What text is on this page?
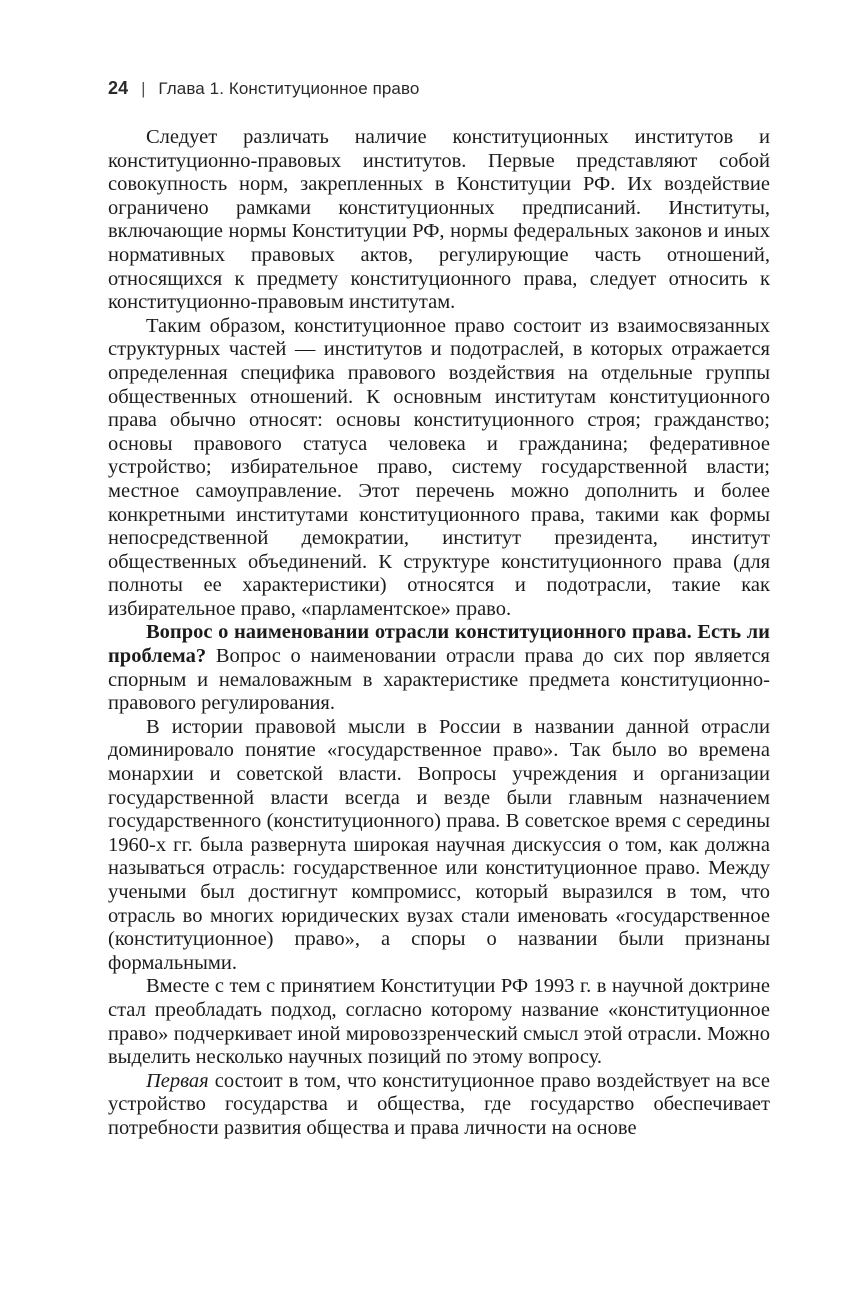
24 | Глава 1. Конституционное право

Следует различать наличие конституционных институтов и конституционно-правовых институтов. Первые представляют собой совокупность норм, закрепленных в Конституции РФ. Их воздействие ограничено рамками конституционных предписаний. Институты, включающие нормы Конституции РФ, нормы федеральных законов и иных нормативных правовых актов, регулирующие часть отношений, относящихся к предмету конституционного права, следует относить к конституционно-правовым институтам.

Таким образом, конституционное право состоит из взаимосвязанных структурных частей — институтов и подотраслей, в которых отражается определенная специфика правового воздействия на отдельные группы общественных отношений. К основным институтам конституционного права обычно относят: основы конституционного строя; гражданство; основы правового статуса человека и гражданина; федеративное устройство; избирательное право, систему государственной власти; местное самоуправление. Этот перечень можно дополнить и более конкретными институтами конституционного права, такими как формы непосредственной демократии, институт президента, институт общественных объединений. К структуре конституционного права (для полноты ее характеристики) относятся и подотрасли, такие как избирательное право, «парламентское» право.

Вопрос о наименовании отрасли конституционного права. Есть ли проблема? Вопрос о наименовании отрасли права до сих пор является спорным и немаловажным в характеристике предмета конституционно-правового регулирования.

В истории правовой мысли в России в названии данной отрасли доминировало понятие «государственное право». Так было во времена монархии и советской власти. Вопросы учреждения и организации государственной власти всегда и везде были главным назначением государственного (конституционного) права. В советское время с середины 1960-х гг. была развернута широкая научная дискуссия о том, как должна называться отрасль: государственное или конституционное право. Между учеными был достигнут компромисс, который выразился в том, что отрасль во многих юридических вузах стали именовать «государственное (конституционное) право», а споры о названии были признаны формальными.

Вместе с тем с принятием Конституции РФ 1993 г. в научной доктрине стал преобладать подход, согласно которому название «конституционное право» подчеркивает иной мировоззренческий смысл этой отрасли. Можно выделить несколько научных позиций по этому вопросу.

Первая состоит в том, что конституционное право воздействует на все устройство государства и общества, где государство обеспечивает потребности развития общества и права личности на основе
